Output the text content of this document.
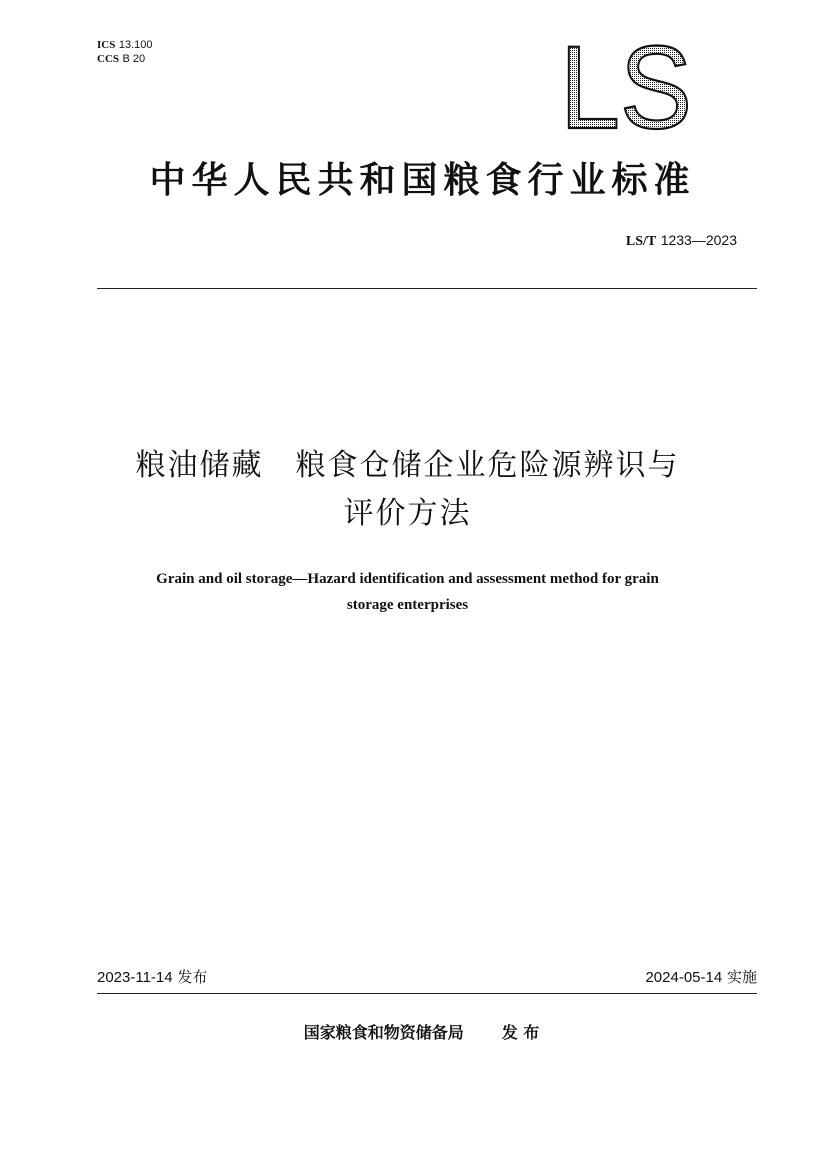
ICS 13.100
CCS B 20	LS
中华人民共和国粮食行业标准
LS/T 1233—2023
粮油储藏　粮食仓储企业危险源辨识与
评价方法
Grain and oil storage—Hazard identification and assessment method for grain
storage enterprises
2023-11-14 发布	2024-05-14 实施
国家粮食和物资储备局 发 布
